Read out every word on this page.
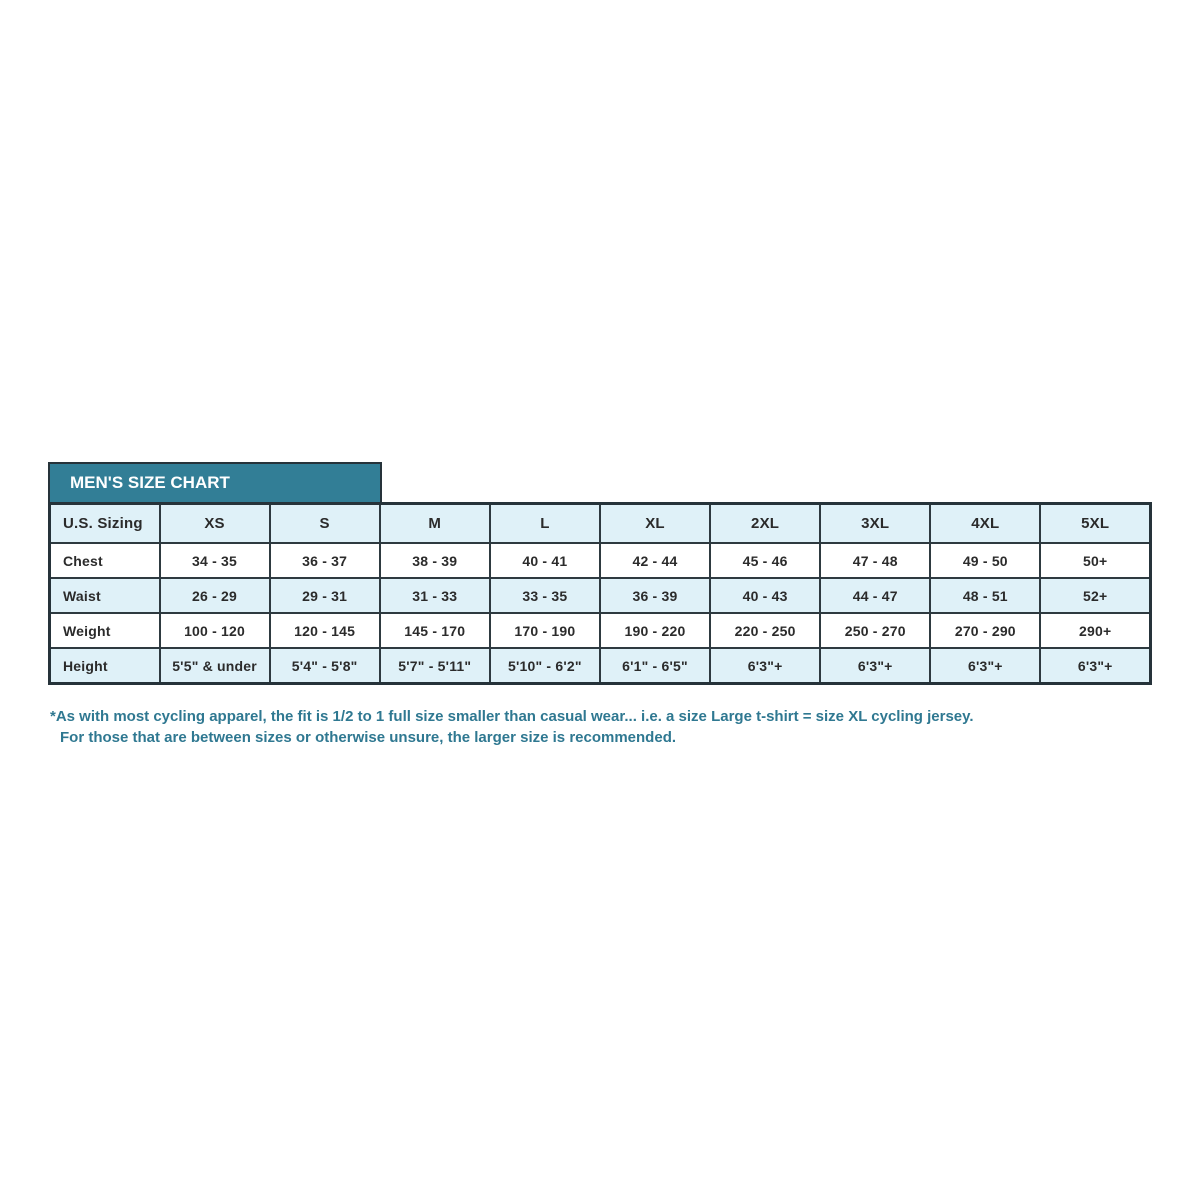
MEN'S SIZE CHART
U.S. Sizing	XS	S	M	L	XL	2XL	3XL	4XL	5XL
Chest	34 - 35	36 - 37	38 - 39	40 - 41	42 - 44	45 - 46	47 - 48	49 - 50	50+
Waist	26 - 29	29 - 31	31 - 33	33 - 35	36 - 39	40 - 43	44 - 47	48 - 51	52+
Weight	100 - 120	120 - 145	145 - 170	170 - 190	190 - 220	220 - 250	250 - 270	270 - 290	290+
Height	5'5" & under	5'4" - 5'8"	5'7" - 5'11"	5'10" - 6'2"	6'1" - 6'5"	6'3"+	6'3"+	6'3"+	6'3"+
*As with most cycling apparel, the fit is 1/2 to 1 full size smaller than casual wear... i.e. a size Large t-shirt = size XL cycling jersey.
For those that are between sizes or otherwise unsure, the larger size is recommended.
